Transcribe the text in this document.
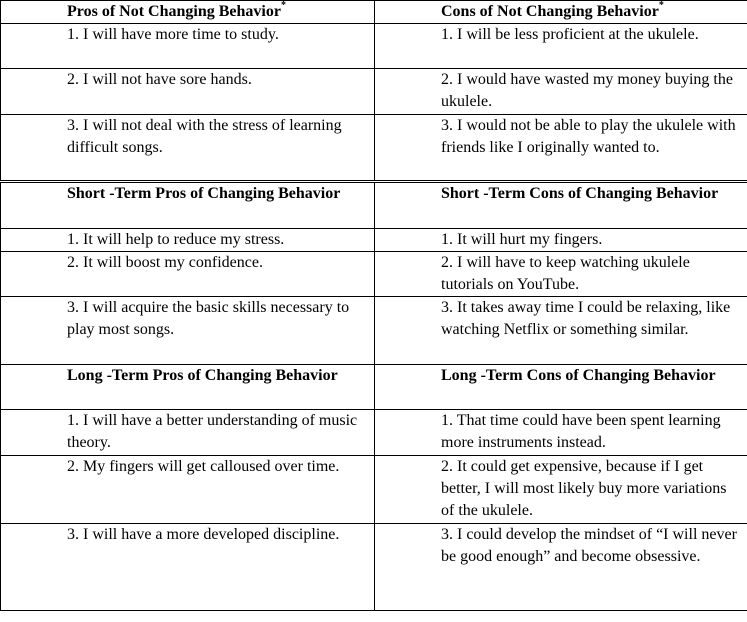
Pros of Not Changing Behavior*	Cons of Not Changing Behavior*
1. I will have more time to study.	1. I will be less proficient at the ukulele.
2. I will not have sore hands.	2. I would have wasted my money buying the ukulele.
3. I will not deal with the stress of learning difficult songs.	3. I would not be able to play the ukulele with friends like I originally wanted to.
Short -Term Pros of Changing Behavior	Short -Term Cons of Changing Behavior
1. It will help to reduce my stress.	1. It will hurt my fingers.
2. It will boost my confidence.	2. I will have to keep watching ukulele tutorials on YouTube.
3. I will acquire the basic skills necessary to play most songs.	3. It takes away time I could be relaxing, like watching Netflix or something similar.
Long -Term Pros of Changing Behavior	Long -Term Cons of Changing Behavior
1. I will have a better understanding of music theory.	1. That time could have been spent learning more instruments instead.
2. My fingers will get calloused over time.	2. It could get expensive, because if I get better, I will most likely buy more variations of the ukulele.
3. I will have a more developed discipline.	3. I could develop the mindset of “I will never be good enough” and become obsessive.
